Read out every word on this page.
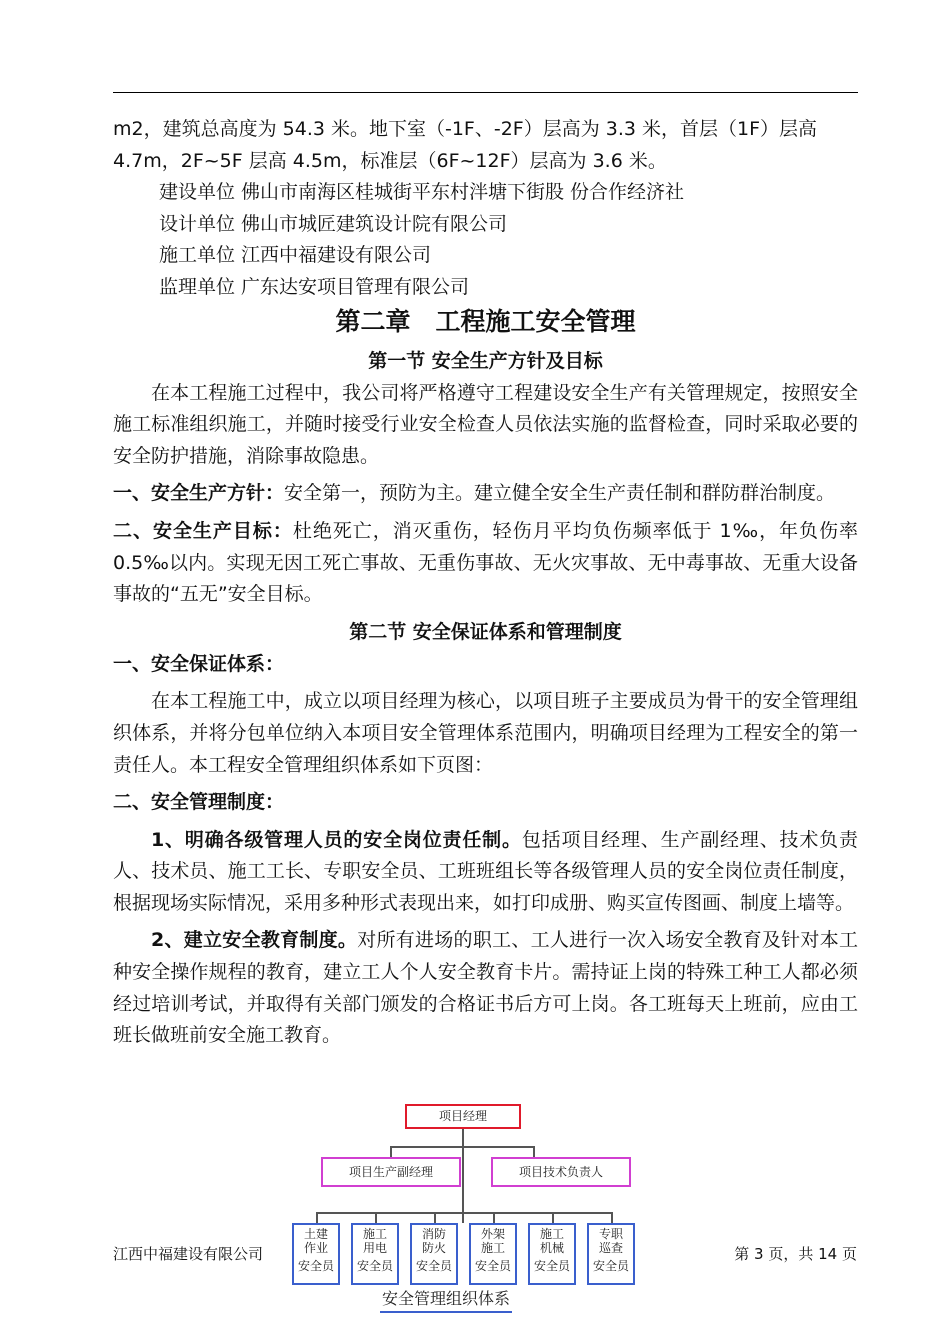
m2，建筑总高度为 54.3 米。地下室（-1F、-2F）层高为 3.3 米，首层（1F）层高

4.7m，2F~5F 层高 4.5m，标准层（6F~12F）层高为 3.6 米。

建设单位 佛山市南海区桂城街平东村泮塘下街股 份合作经济社

设计单位 佛山市城匠建筑设计院有限公司

施工单位 江西中福建设有限公司

监理单位 广东达安项目管理有限公司

第二章　工程施工安全管理
第一节 安全生产方针及目标

在本工程施工过程中，我公司将严格遵守工程建设安全生产有关管理规定，按照安全施工标准组织施工，并随时接受行业安全检查人员依法实施的监督检查，同时采取必要的安全防护措施，消除事故隐患。

一、安全生产方针：安全第一，预防为主。建立健全安全生产责任制和群防群治制度。

二、安全生产目标：杜绝死亡，消灭重伤，轻伤月平均负伤频率低于 1‰，年负伤率 0.5‰以内。实现无因工死亡事故、无重伤事故、无火灾事故、无中毒事故、无重大设备事故的“五无”安全目标。

第二节 安全保证体系和管理制度

一、安全保证体系：

在本工程施工中，成立以项目经理为核心，以项目班子主要成员为骨干的安全管理组织体系，并将分包单位纳入本项目安全管理体系范围内，明确项目经理为工程安全的第一责任人。本工程安全管理组织体系如下页图：

二、安全管理制度：

1、明确各级管理人员的安全岗位责任制。包括项目经理、生产副经理、技术负责人、技术员、施工工长、专职安全员、工班班组长等各级管理人员的安全岗位责任制度，根据现场实际情况，采用多种形式表现出来，如打印成册、购买宣传图画、制度上墙等。

2、建立安全教育制度。对所有进场的职工、工人进行一次入场安全教育及针对本工种安全操作规程的教育，建立工人个人安全教育卡片。需持证上岗的特殊工种工人都必须经过培训考试，并取得有关部门颁发的合格证书后方可上岗。各工班每天上班前，应由工班长做班前安全施工教育。

项目经理
项目生产副经理	项目技术负责人
土建
作业
安全员
施工
用电
安全员
消防
防火
安全员
外架
施工
安全员
施工
机械
安全员
专职
巡查
安全员
安全管理组织体系
江西中福建设有限公司	第 3 页，共 14 页
